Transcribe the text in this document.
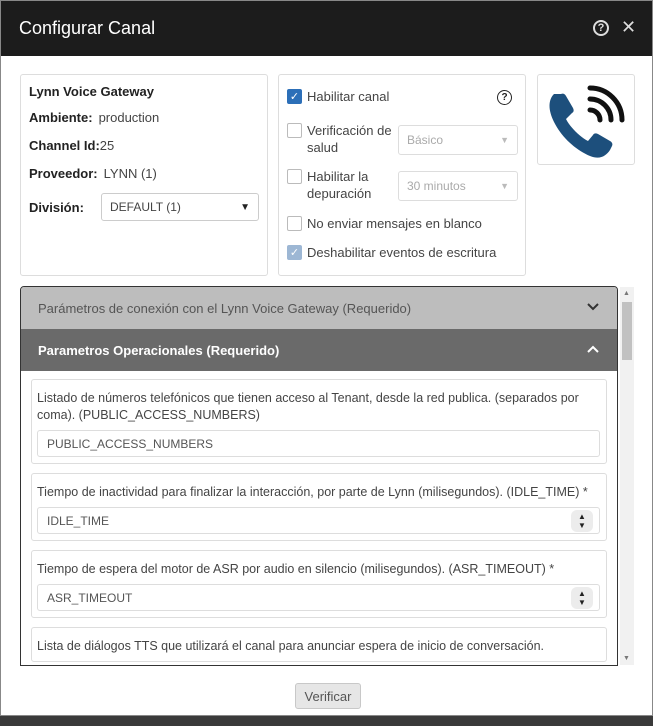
Configurar Canal	? ✕
Lynn Voice Gateway
Ambiente: production
Channel Id: 25
Proveedor: LYNN (1)
División: DEFAULT (1)	▼
✓ Habilitar canal	?
Verificación de salud	Básico	▼
Habilitar la depuración	30 minutos	▼
No enviar mensajes en blanco
✓ Deshabilitar eventos de escritura
Parámetros de conexión con el Lynn Voice Gateway (Requerido)
Parametros Operacionales (Requerido)
Listado de números telefónicos que tienen acceso al Tenant, desde la red publica. (separados por coma). (PUBLIC_ACCESS_NUMBERS)
PUBLIC_ACCESS_NUMBERS
Tiempo de inactividad para finalizar la interacción, por parte de Lynn (milisegundos). (IDLE_TIME) *
IDLE_TIME	▲
▼
Tiempo de espera del motor de ASR por audio en silencio (milisegundos). (ASR_TIMEOUT) *
ASR_TIMEOUT	▲
▼
Lista de diálogos TTS que utilizará el canal para anunciar espera de inicio de conversación.
▲
▼
Verificar
